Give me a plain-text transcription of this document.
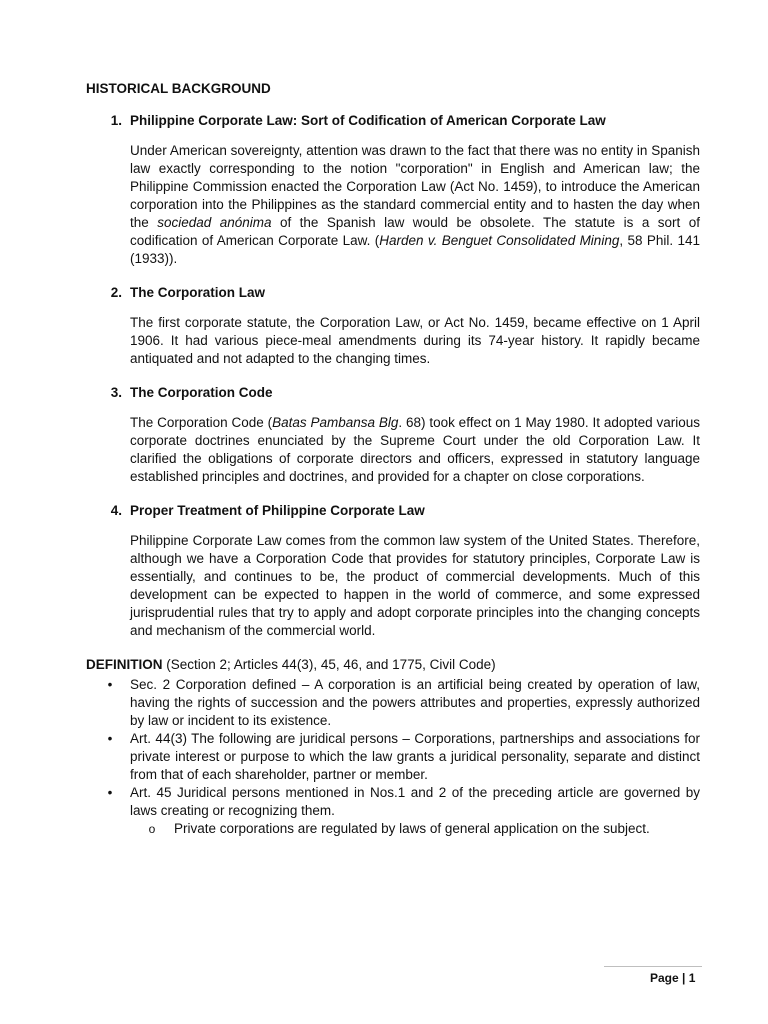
HISTORICAL BACKGROUND
1. Philippine Corporate Law: Sort of Codification of American Corporate Law

Under American sovereignty, attention was drawn to the fact that there was no entity in Spanish law exactly corresponding to the notion "corporation" in English and American law; the Philippine Commission enacted the Corporation Law (Act No. 1459), to introduce the American corporation into the Philippines as the standard commercial entity and to hasten the day when the sociedad anónima of the Spanish law would be obsolete. The statute is a sort of codification of American Corporate Law. (Harden v. Benguet Consolidated Mining, 58 Phil. 141 (1933)).

2. The Corporation Law

The first corporate statute, the Corporation Law, or Act No. 1459, became effective on 1 April 1906. It had various piece-meal amendments during its 74-year history. It rapidly became antiquated and not adapted to the changing times.

3. The Corporation Code

The Corporation Code (Batas Pambansa Blg. 68) took effect on 1 May 1980. It adopted various corporate doctrines enunciated by the Supreme Court under the old Corporation Law. It clarified the obligations of corporate directors and officers, expressed in statutory language established principles and doctrines, and provided for a chapter on close corporations.

4. Proper Treatment of Philippine Corporate Law

Philippine Corporate Law comes from the common law system of the United States. Therefore, although we have a Corporation Code that provides for statutory principles, Corporate Law is essentially, and continues to be, the product of commercial developments. Much of this development can be expected to happen in the world of commerce, and some expressed jurisprudential rules that try to apply and adopt corporate principles into the changing concepts and mechanism of the commercial world.

DEFINITION (Section 2; Articles 44(3), 45, 46, and 1775, Civil Code)
•	Sec. 2 Corporation defined – A corporation is an artificial being created by operation of law, having the rights of succession and the powers attributes and properties, expressly authorized by law or incident to its existence.
•	Art. 44(3) The following are juridical persons – Corporations, partnerships and associations for private interest or purpose to which the law grants a juridical personality, separate and distinct from that of each shareholder, partner or member.
•	Art. 45 Juridical persons mentioned in Nos.1 and 2 of the preceding article are governed by laws creating or recognizing them.
o	Private corporations are regulated by laws of general application on the subject.
Page | 1
